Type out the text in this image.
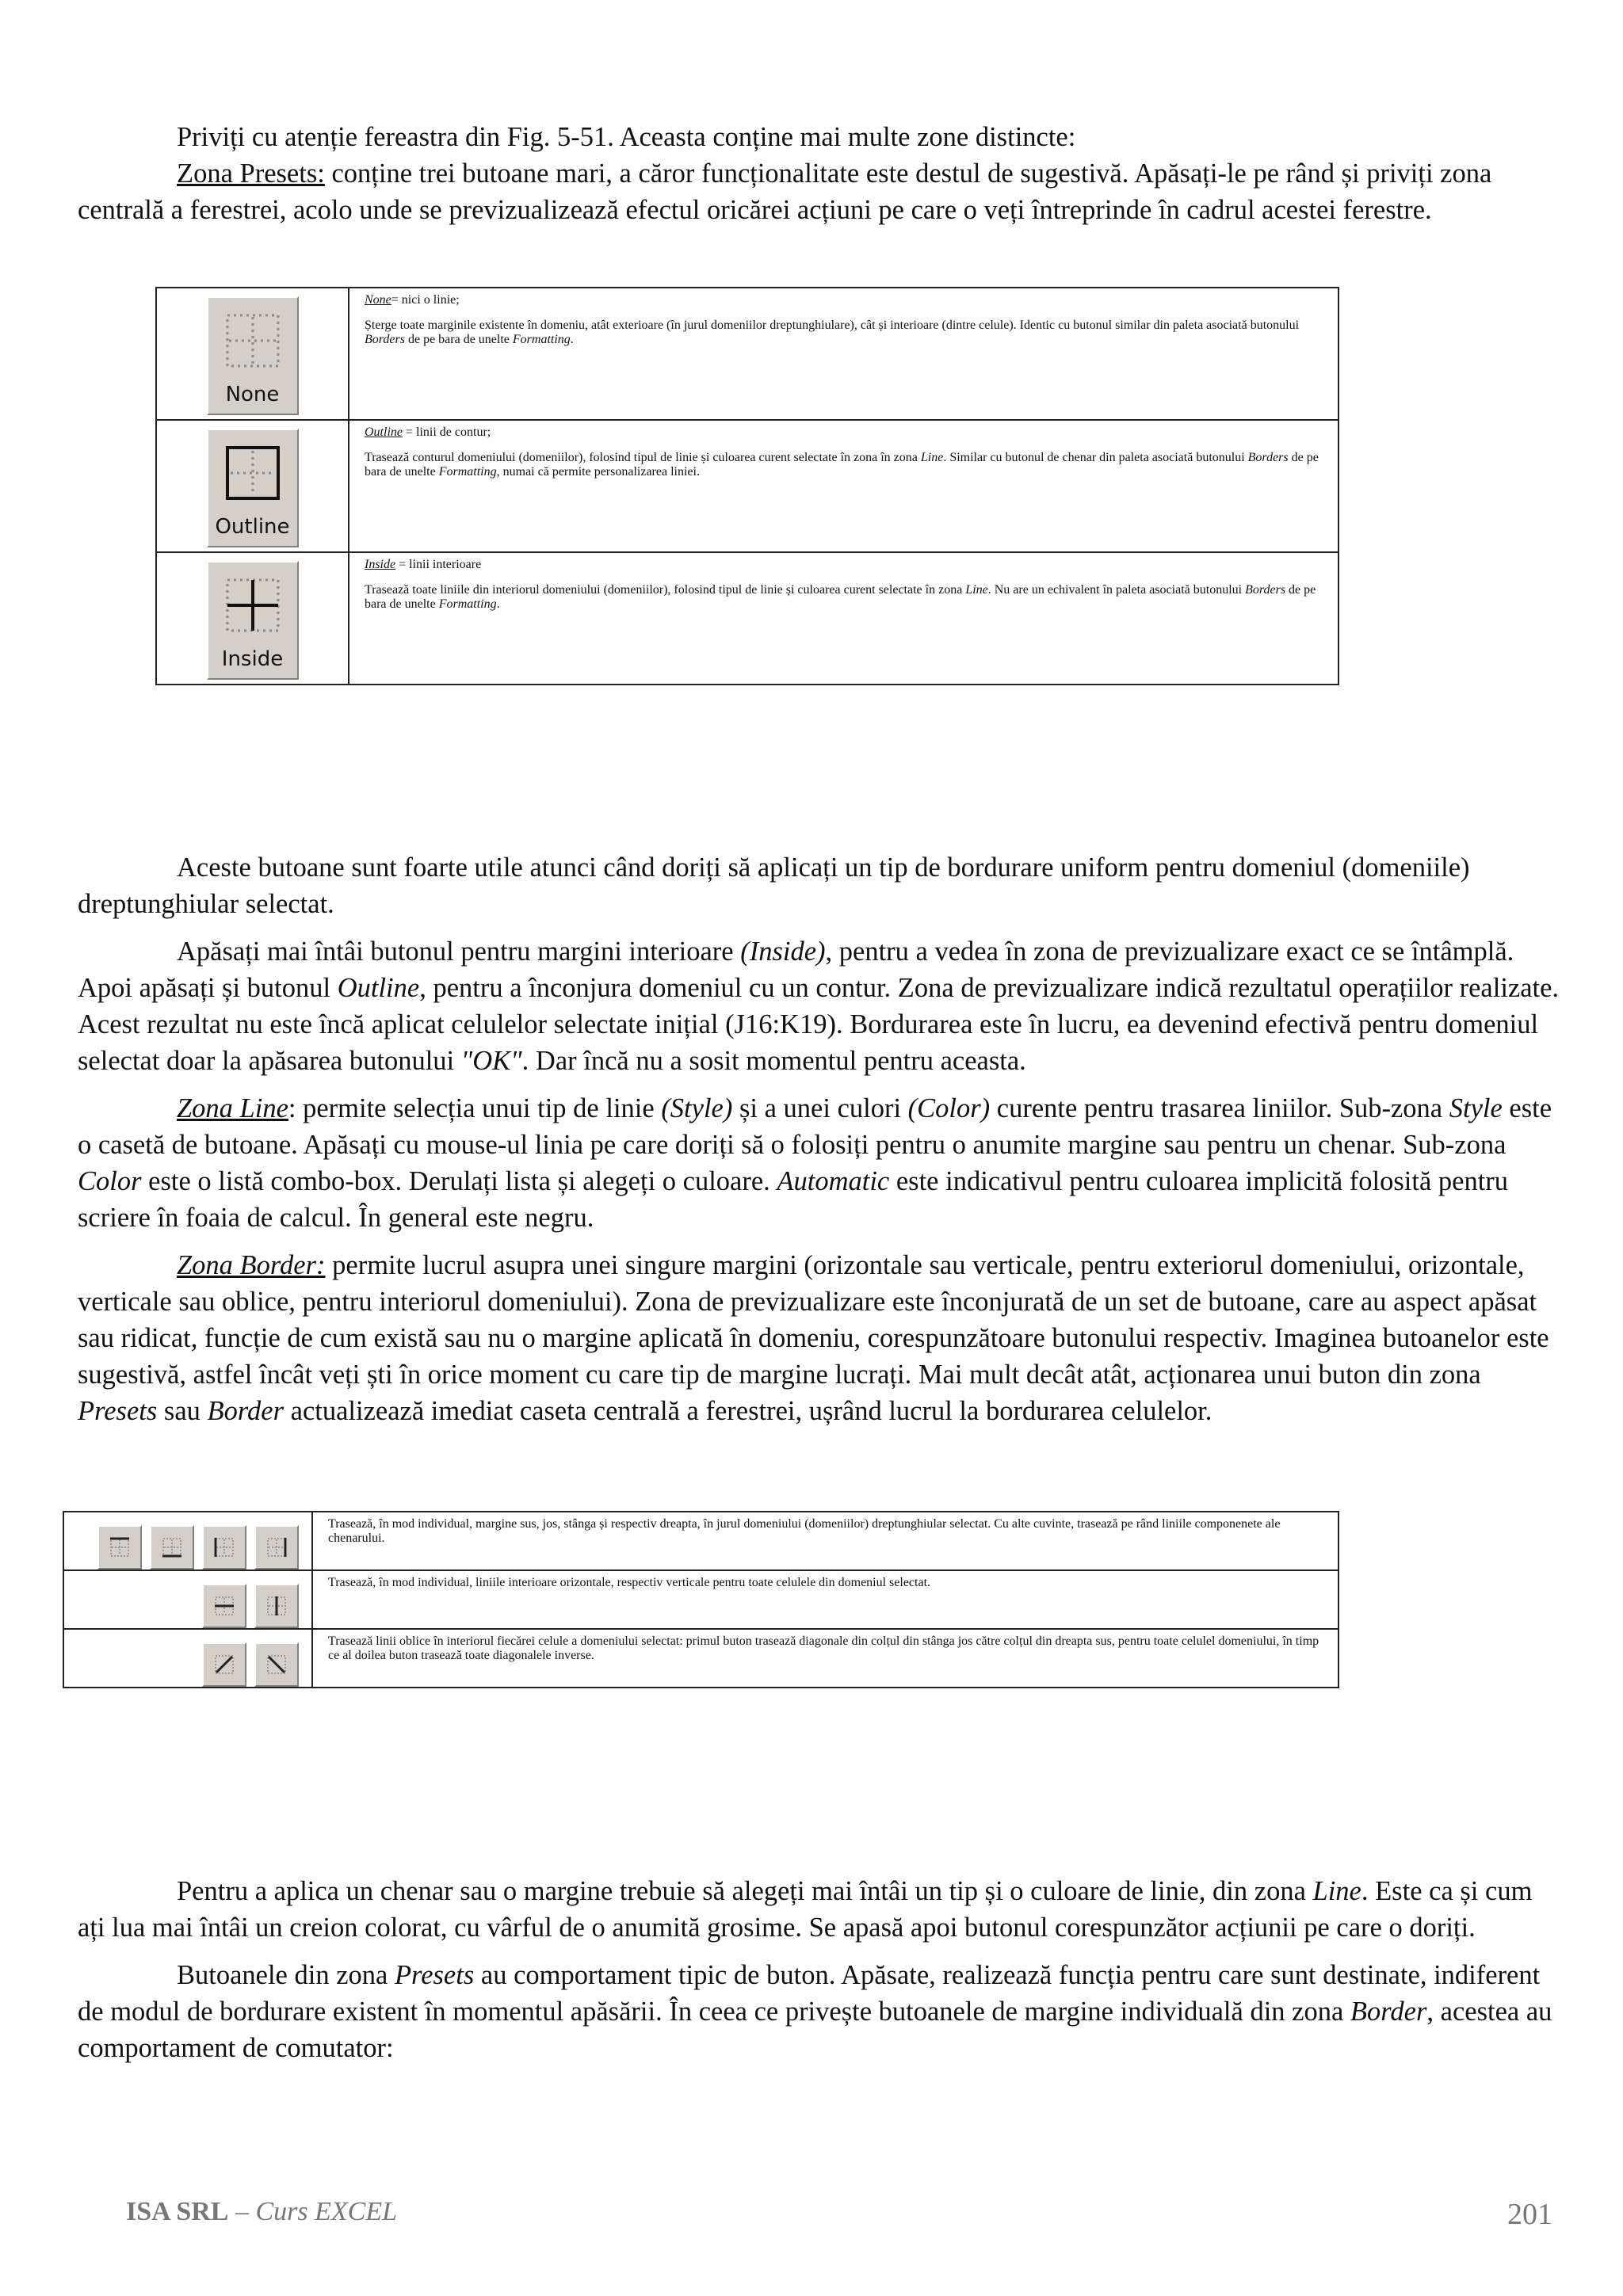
Priviți cu atenție fereastra din Fig. 5-51. Aceasta conține mai multe zone distincte:

Zona Presets: conține trei butoane mari, a căror funcționalitate este destul de sugestivă. Apăsați-le pe rând și priviți zona centrală a ferestrei, acolo unde se previzualizează efectul oricărei acțiuni pe care o veți întreprinde în cadrul acestei ferestre.

None	None= nici o linie;

Șterge toate marginile existente în domeniu, atât exterioare (în jurul domeniilor dreptunghiulare), cât și interioare (dintre celule). Identic cu butonul similar din paleta asociată butonului Borders de pe bara de unelte Formatting.

Outline	Outline = linii de contur;

Trasează conturul domeniului (domeniilor), folosind tipul de linie și culoarea curent selectate în zona în zona Line. Similar cu butonul de chenar din paleta asociată butonului Borders de pe bara de unelte Formatting, numai că permite personalizarea liniei.

Inside	Inside = linii interioare

Trasează toate liniile din interiorul domeniului (domeniilor), folosind tipul de linie și culoarea curent selectate în zona Line. Nu are un echivalent în paleta asociată butonului Borders de pe bara de unelte Formatting.

Aceste butoane sunt foarte utile atunci când doriți să aplicați un tip de bordurare uniform pentru domeniul (domeniile) dreptunghiular selectat.

Apăsați mai întâi butonul pentru margini interioare (Inside), pentru a vedea în zona de previzualizare exact ce se întâmplă. Apoi apăsați și butonul Outline, pentru a înconjura domeniul cu un contur. Zona de previzualizare indică rezultatul operațiilor realizate. Acest rezultat nu este încă aplicat celulelor selectate inițial (J16:K19). Bordurarea este în lucru, ea devenind efectivă pentru domeniul selectat doar la apăsarea butonului "OK". Dar încă nu a sosit momentul pentru aceasta.

Zona Line: permite selecția unui tip de linie (Style) și a unei culori (Color) curente pentru trasarea liniilor. Sub-zona Style este o casetă de butoane. Apăsați cu mouse-ul linia pe care doriți să o folosiți pentru o anumite margine sau pentru un chenar. Sub-zona Color este o listă combo-box. Derulați lista și alegeți o culoare. Automatic este indicativul pentru culoarea implicită folosită pentru scriere în foaia de calcul. În general este negru.

Zona Border: permite lucrul asupra unei singure margini (orizontale sau verticale, pentru exteriorul domeniului, orizontale, verticale sau oblice, pentru interiorul domeniului). Zona de previzualizare este înconjurată de un set de butoane, care au aspect apăsat sau ridicat, funcție de cum există sau nu o margine aplicată în domeniu, corespunzătoare butonului respectiv. Imaginea butoanelor este sugestivă, astfel încât veți ști în orice moment cu care tip de margine lucrați. Mai mult decât atât, acționarea unui buton din zona Presets sau Border actualizează imediat caseta centrală a ferestrei, ușrând lucrul la bordurarea celulelor.

	Trasează, în mod individual, margine sus, jos, stânga și respectiv dreapta, în jurul domeniului (domeniilor) dreptunghiular selectat. Cu alte cuvinte, trasează pe rând liniile componenete ale chenarului.

	Trasează, în mod individual, liniile interioare orizontale, respectiv verticale pentru toate celulele din domeniul selectat.

	Trasează linii oblice în interiorul fiecărei celule a domeniului selectat: primul buton trasează diagonale din colțul din stânga jos către colțul din dreapta sus, pentru toate celulel domeniului, în timp ce al doilea buton trasează toate diagonalele inverse.

Pentru a aplica un chenar sau o margine trebuie să alegeți mai întâi un tip și o culoare de linie, din zona Line. Este ca și cum ați lua mai întâi un creion colorat, cu vârful de o anumită grosime. Se apasă apoi butonul corespunzător acțiunii pe care o doriți.

Butoanele din zona Presets au comportament tipic de buton. Apăsate, realizează funcția pentru care sunt destinate, indiferent de modul de bordurare existent în momentul apăsării. În ceea ce privește butoanele de margine individuală din zona Border, acestea au comportament de comutator:

ISA SRL – Curs EXCEL	201
